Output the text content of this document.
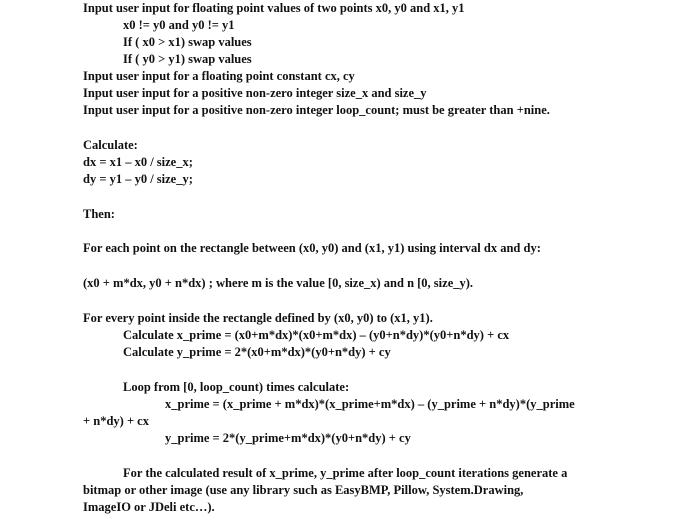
Input user input for floating point values of two points x0, y0 and x1, y1
x0 != y0 and y0 != y1
If ( x0 > x1) swap values
If ( y0 > y1) swap values
Input user input for a floating point constant cx, cy
Input user input for a positive non-zero integer size_x and size_y
Input user input for a positive non-zero integer loop_count; must be greater than +nine.
Calculate:
dx = x1 – x0 / size_x;
dy = y1 – y0 / size_y;
Then:
For each point on the rectangle between (x0, y0) and (x1, y1) using interval dx and dy:
(x0 + m*dx, y0 + n*dx) ; where m is the value [0, size_x) and n [0, size_y).
For every point inside the rectangle defined by (x0, y0) to (x1, y1).
Calculate x_prime = (x0+m*dx)*(x0+m*dx) – (y0+n*dy)*(y0+n*dy) + cx
Calculate y_prime = 2*(x0+m*dx)*(y0+n*dy) + cy
Loop from [0, loop_count) times calculate:
x_prime = (x_prime + m*dx)*(x_prime+m*dx) – (y_prime + n*dy)*(y_prime
+ n*dy) + cx
y_prime = 2*(y_prime+m*dx)*(y0+n*dy) + cy
For the calculated result of x_prime, y_prime after loop_count iterations generate a
bitmap or other image (use any library such as EasyBMP, Pillow, System.Drawing,
ImageIO or JDeli etc…).
